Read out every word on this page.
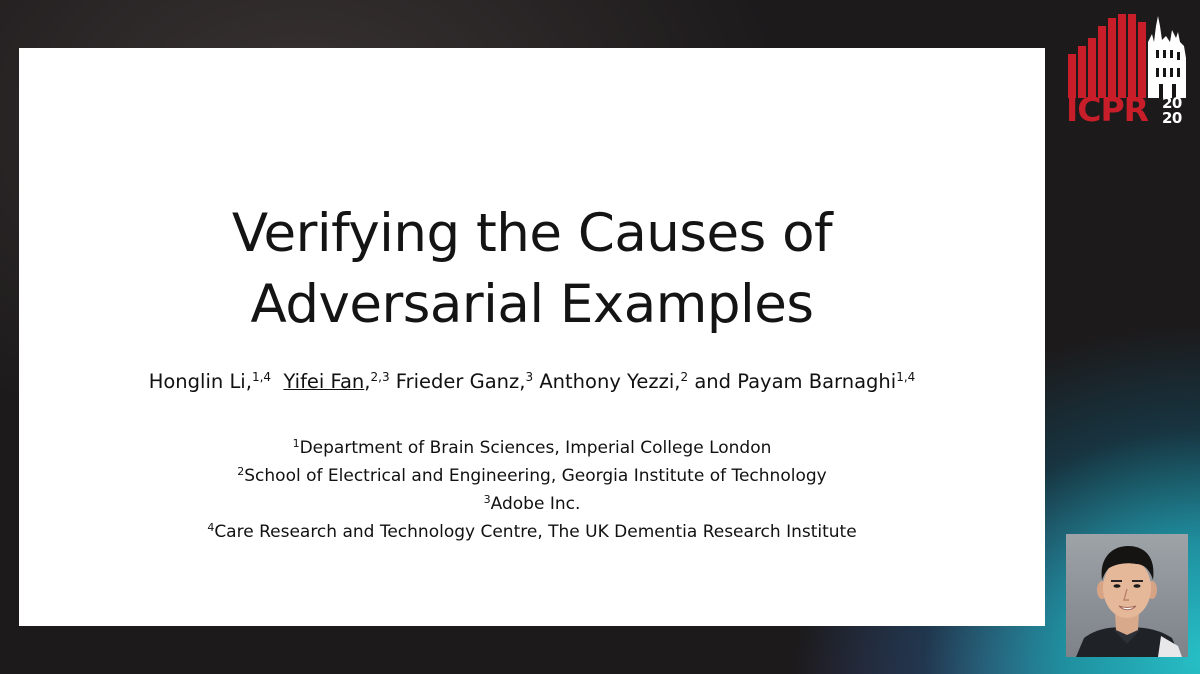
Verifying the Causes of
Adversarial Examples
Honglin Li,$^{1,4}$ Yifei Fan,$^{2,3}$ Frieder Ganz,$^3$ Anthony Yezzi,$^2$ and Payam Barnaghi$^{1,4}$
$^1$Department of Brain Sciences, Imperial College London
$^2$School of Electrical and Engineering, Georgia Institute of Technology
$^3$Adobe Inc.
$^4$Care Research and Technology Centre, The UK Dementia Research Institute
ICPR 20
20
